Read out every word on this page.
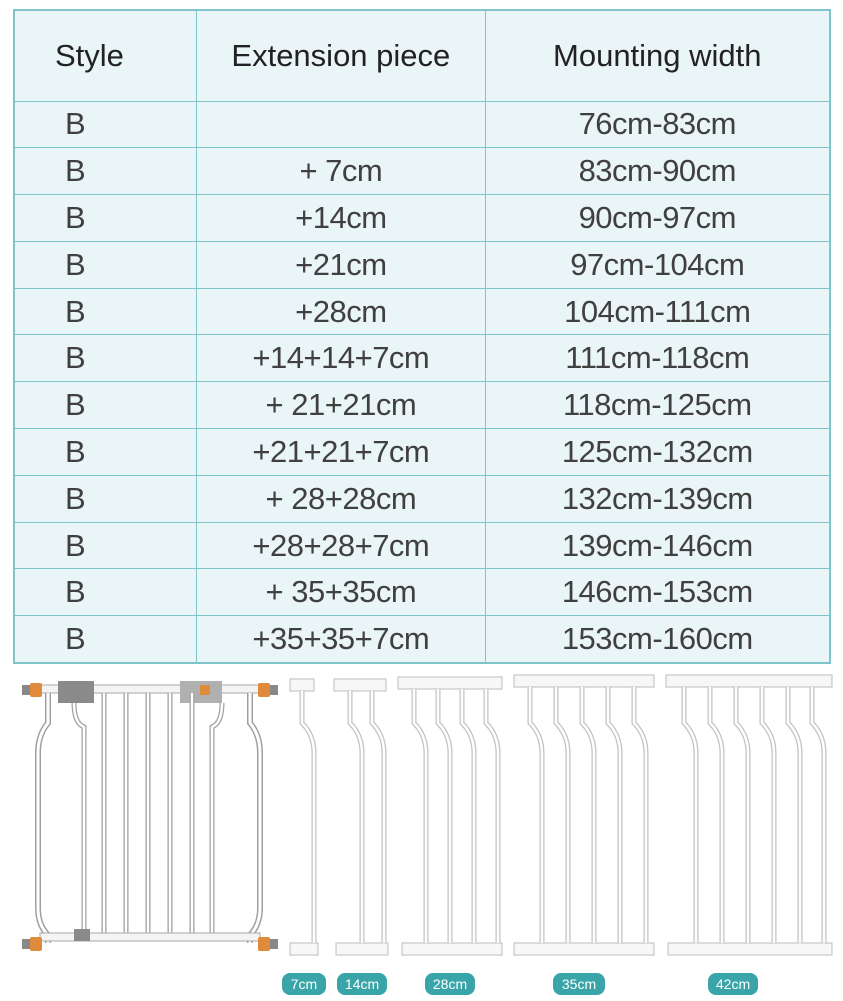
Style	Extension piece	Mounting width
B		76cm-83cm
B	+ 7cm	83cm-90cm
B	+14cm	90cm-97cm
B	+21cm	97cm-104cm
B	+28cm	104cm-111cm
B	+14+14+7cm	111cm-118cm
B	+ 21+21cm	118cm-125cm
B	+21+21+7cm	125cm-132cm
B	+ 28+28cm	132cm-139cm
B	+28+28+7cm	139cm-146cm
B	+ 35+35cm	146cm-153cm
B	+35+35+7cm	153cm-160cm
7cm	14cm	28cm	35cm	42cm
